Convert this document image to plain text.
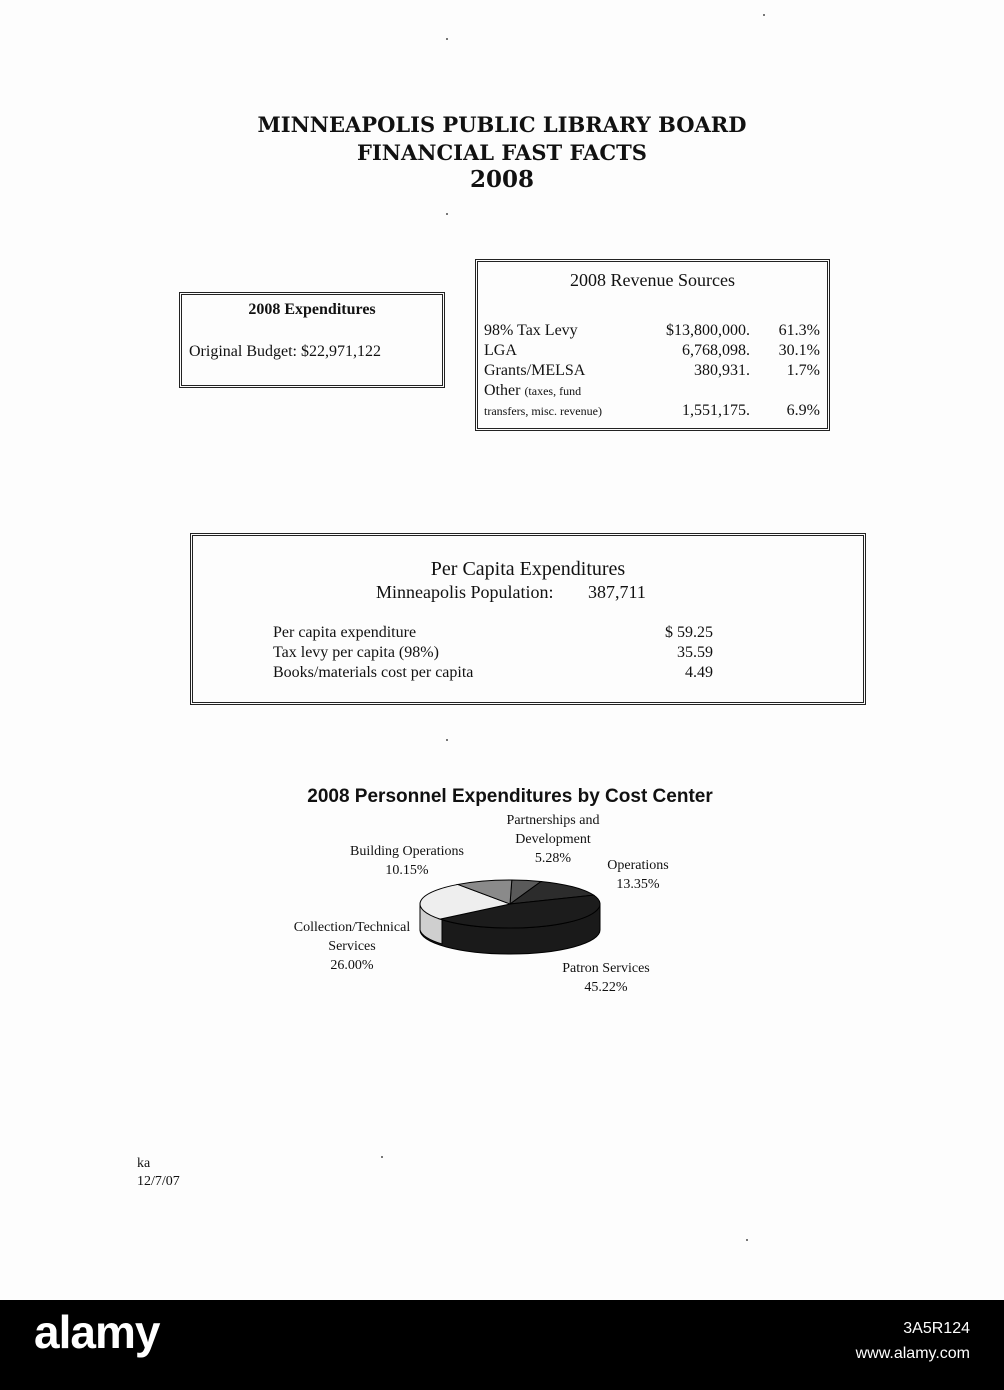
MINNEAPOLIS PUBLIC LIBRARY BOARD
FINANCIAL FAST FACTS
2008
2008 Expenditures
Original Budget: $22,971,122
2008 Revenue Sources
98% Tax Levy	$13,800,000. 61.3%
LGA	6,768,098. 30.1%
Grants/MELSA	380,931. 1.7%
Other (taxes, fund
transfers, misc. revenue)	1,551,175. 6.9%
Per Capita Expenditures
Minneapolis Population: 387,711
Per capita expenditure	$ 59.25
Tax levy per capita (98%)	35.59
Books/materials cost per capita	4.49
2008 Personnel Expenditures by Cost Center
Partnerships and
Development
5.28%
Building Operations
10.15%	Operations
13.35%
Collection/Technical
Services
26.00%	Patron Services
45.22%
ka
12/7/07
alamy	3A5R124
www.alamy.com
